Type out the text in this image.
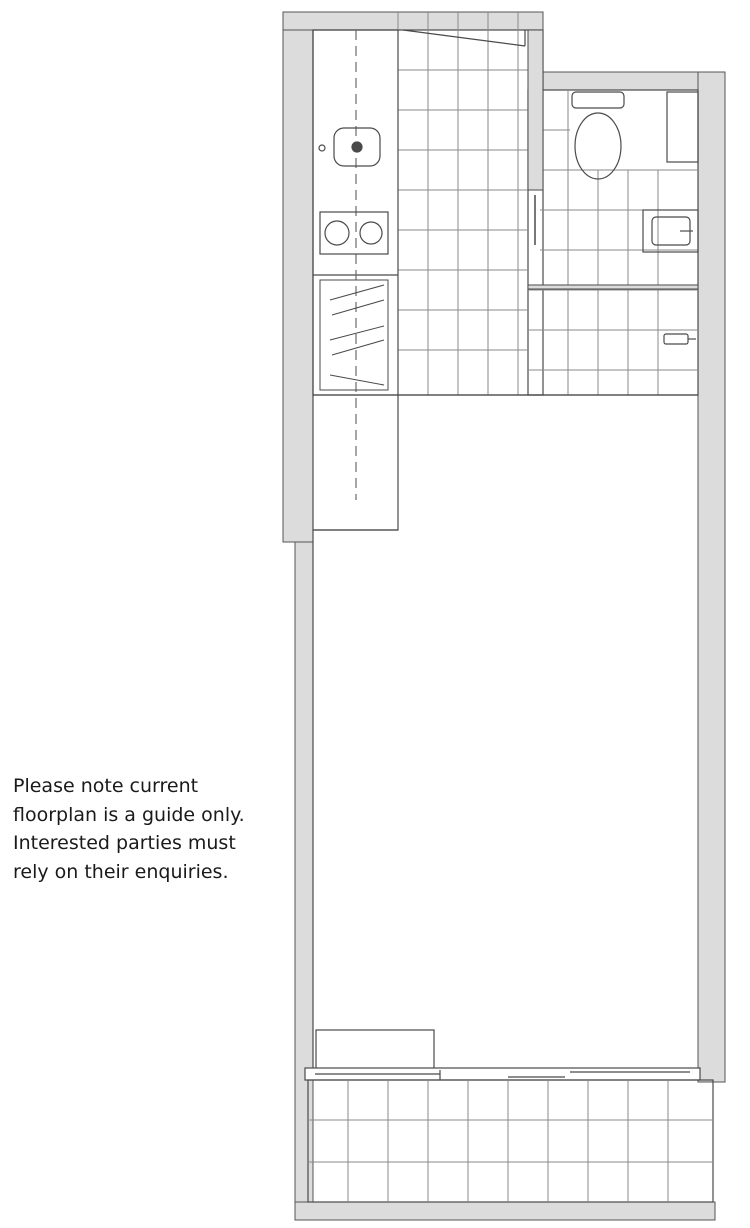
Please note current
floorplan is a guide only.
Interested parties must
rely on their enquiries.
